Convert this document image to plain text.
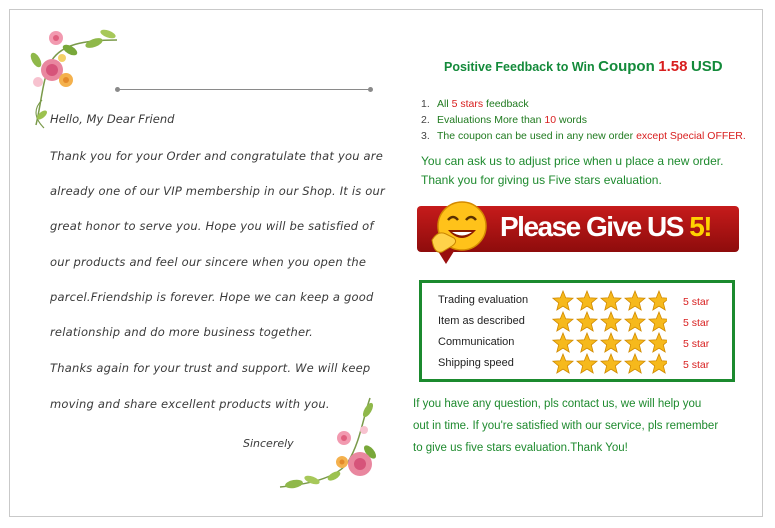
Hello, My Dear Friend
Thank you for your Order and congratulate that you are
already one of our VIP membership in our Shop. It is our
great honor to serve you. Hope you will be satisfied of
our products and feel our sincere when you open the
parcel.Friendship is forever. Hope we can keep a good
relationship and do more business together.
Thanks again for your trust and support. We will keep
moving and share excellent products with you.
Sincerely
Positive Feedback to Win Coupon 1.58 USD
1. All 5 stars feedback
2. Evaluations More than 10 words
3. The coupon can be used in any new order except Special OFFER.
You can ask us to adjust price when u place a new order.
Thank you for giving us Five stars evaluation.
Please Give US 5!
Trading evaluation	5 star
Item as described	5 star
Communication	5 star
Shipping speed	5 star
If you have any question, pls contact us, we will help you
out in time. If you're satisfied with our service, pls remember
to give us five stars evaluation.Thank You!
